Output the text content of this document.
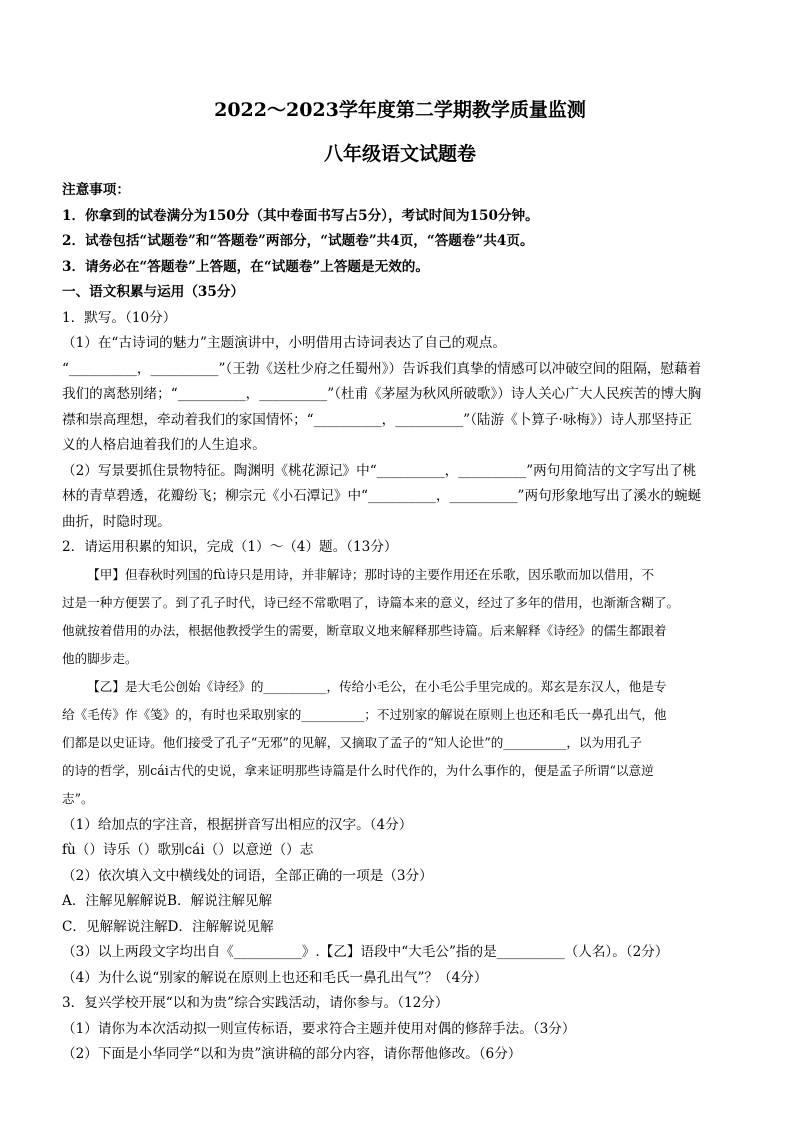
2022～2023学年度第二学期教学质量监测
八年级语文试题卷
注意事项：
1．你拿到的试卷满分为150分（其中卷面书写占5分），考试时间为150分钟。
2．试卷包括“试题卷”和“答题卷”两部分，“试题卷”共4页，“答题卷”共4页。
3．请务必在“答题卷”上答题，在“试题卷”上答题是无效的。
一、语文积累与运用（35分）
1．默写。（10分）
（1）在“古诗词的魅力”主题演讲中，小明借用古诗词表达了自己的观点。
“__________，__________”（王勃《送杜少府之任蜀州》）告诉我们真挚的情感可以冲破空间的阻隔，慰藉着
我们的离愁别绪；“__________，__________”（杜甫《茅屋为秋风所破歌》）诗人关心广大人民疾苦的博大胸
襟和崇高理想，牵动着我们的家国情怀；“__________，__________”（陆游《卜算子·咏梅》）诗人那坚持正
义的人格启迪着我们的人生追求。
（2）写景要抓住景物特征。陶渊明《桃花源记》中“__________，__________”两句用简洁的文字写出了桃
林的青草碧透，花瓣纷飞；柳宗元《小石潭记》中“__________，__________”两句形象地写出了溪水的蜿蜒
曲折，时隐时现。
2．请运用积累的知识，完成（1）～（4）题。（13分）
【甲】但春秋时列国的fù诗只是用诗，并非解诗；那时诗的主要作用还在乐歌，因乐歌而加以借用，不
过是一种方便罢了。到了孔子时代，诗已经不常歌唱了，诗篇本来的意义，经过了多年的借用，也渐渐含糊了。
他就按着借用的办法，根据他教授学生的需要，断章取义地来解释那些诗篇。后来解释《诗经》的儒生都跟着
他的脚步走。
【乙】是大毛公创始《诗经》的__________，传给小毛公，在小毛公手里完成的。郑玄是东汉人，他是专
给《毛传》作《笺》的，有时也采取别家的__________；不过别家的解说在原则上也还和毛氏一鼻孔出气，他
们都是以史证诗。他们接受了孔子“无邪”的见解，又摘取了孟子的“知人论世”的__________，以为用孔子
的诗的哲学，别cái古代的史说，拿来证明那些诗篇是什么时代作的，为什么事作的，便是孟子所谓“以意逆
志”。
（1）给加点的字注音，根据拼音写出相应的汉字。（4分）
fù（）诗乐（）歌别cái（）以意逆（）志
（2）依次填入文中横线处的词语，全部正确的一项是（3分）
A．注解见解解说B．解说注解见解
C．见解解说注解D．注解解说见解
（3）以上两段文字均出自《__________》.【乙】语段中“大毛公”指的是__________（人名）。（2分）
（4）为什么说“别家的解说在原则上也还和毛氏一鼻孔出气”？（4分）
3．复兴学校开展“以和为贵”综合实践活动，请你参与。（12分）
（1）请你为本次活动拟一则宣传标语，要求符合主题并使用对偶的修辞手法。（3分）
（2）下面是小华同学“以和为贵”演讲稿的部分内容，请你帮他修改。（6分）
